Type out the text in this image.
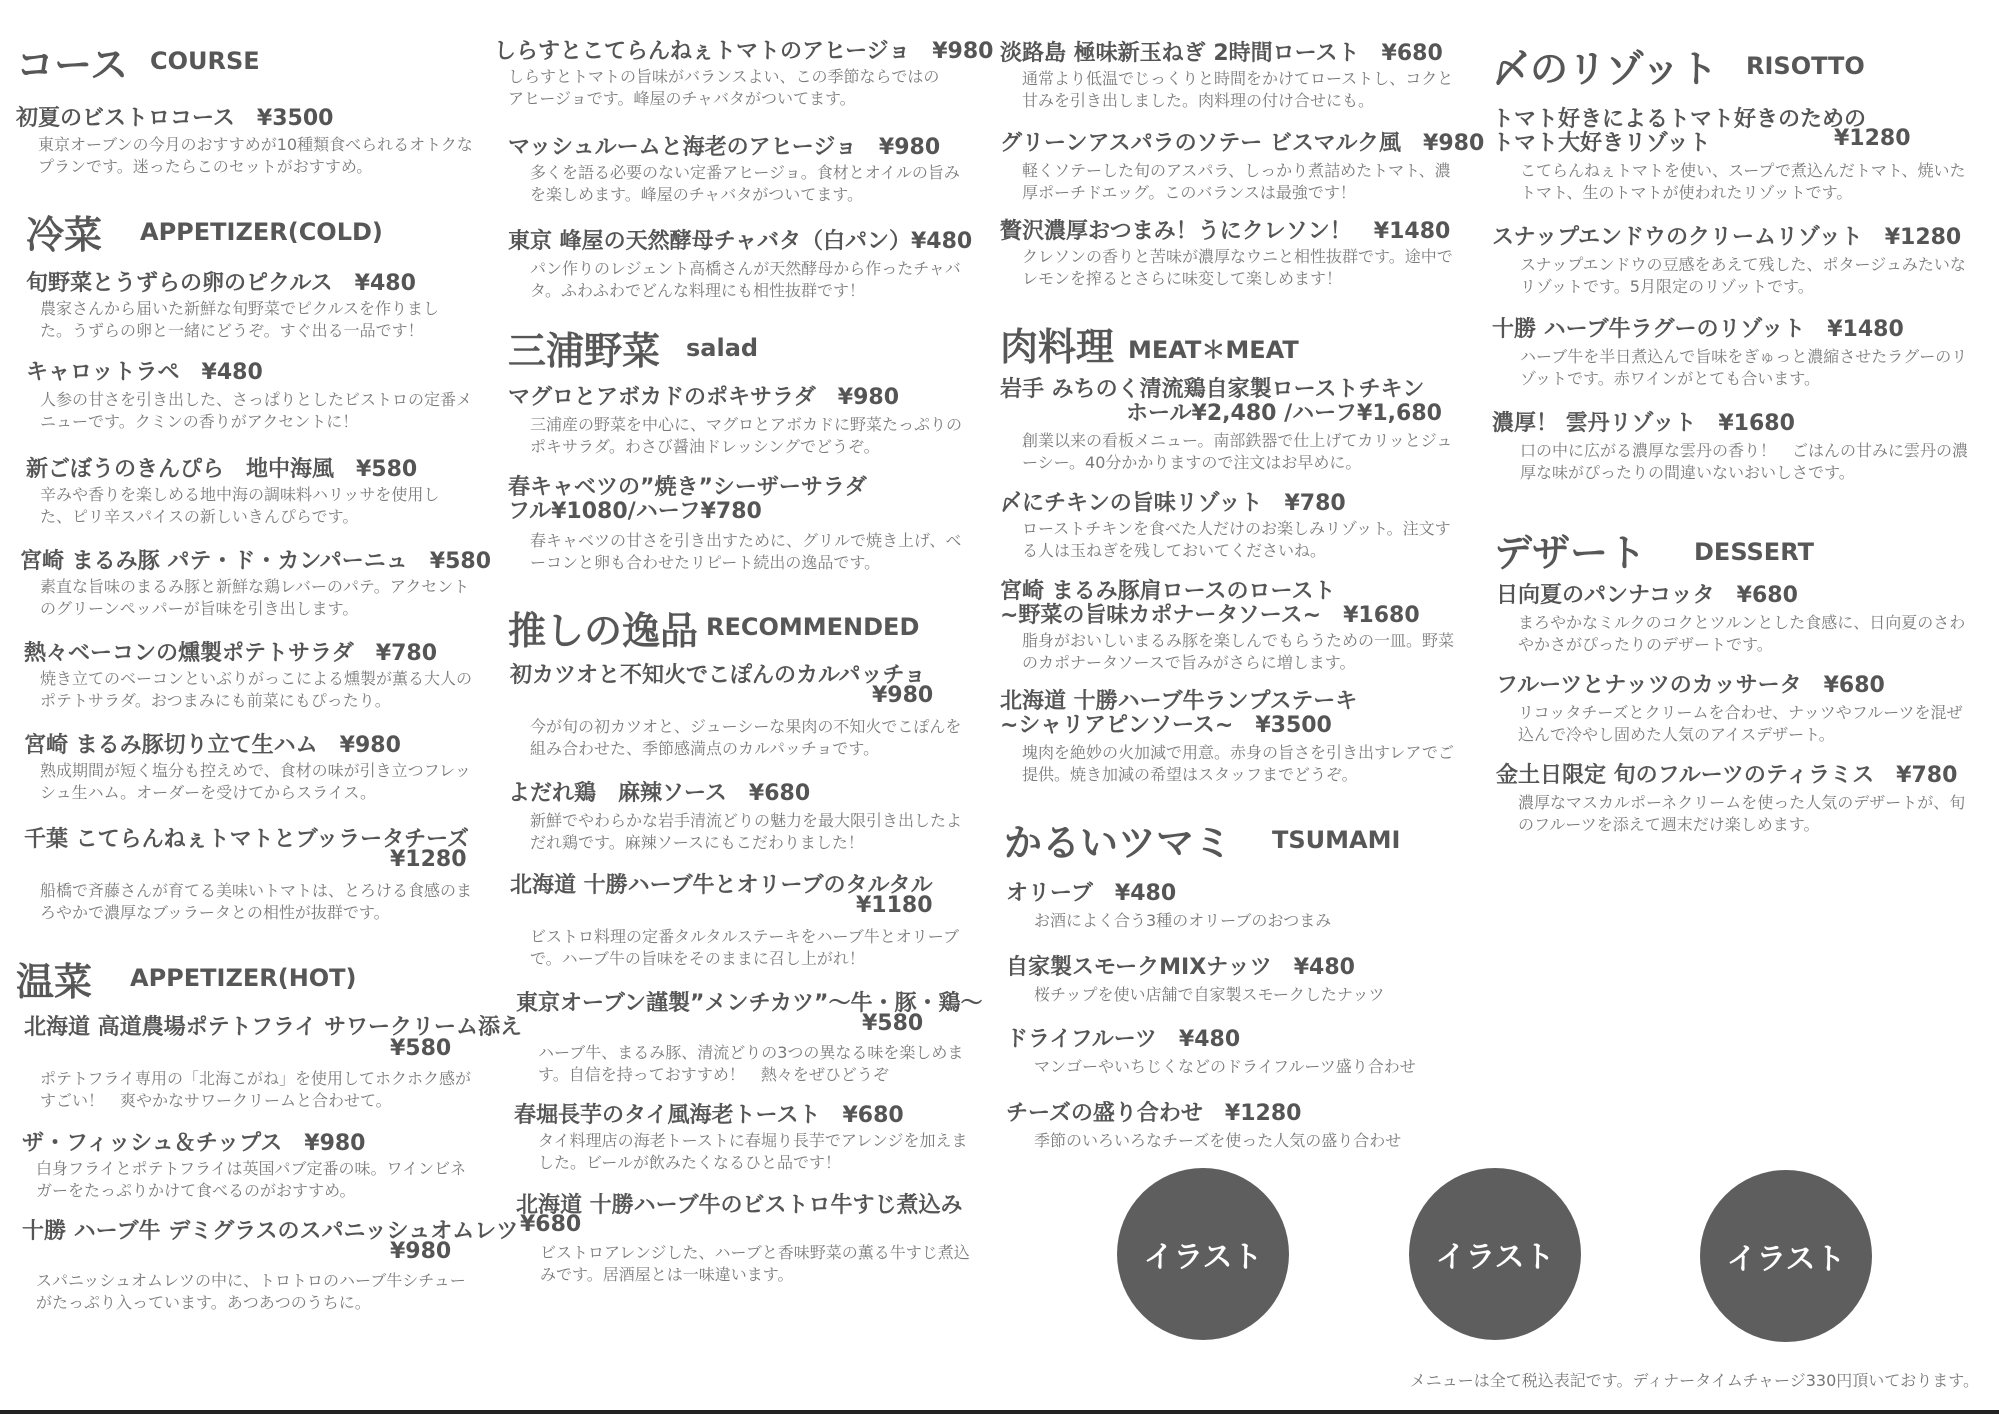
コース COURSE
初夏のビストロコース　¥3500

東京オーブンの今月のおすすめが10種類食べられるオトクなプランです。迷ったらこのセットがおすすめ。

冷菜 APPETIZER(COLD)
旬野菜とうずらの卵のピクルス　¥480

農家さんから届いた新鮮な旬野菜でピクルスを作りました。うずらの卵と一緒にどうぞ。すぐ出る一品です！

キャロットラペ　¥480

人参の甘さを引き出した、さっぱりとしたビストロの定番メニューです。クミンの香りがアクセントに！

新ごぼうのきんぴら　地中海風　¥580

辛みや香りを楽しめる地中海の調味料ハリッサを使用した、ピリ辛スパイスの新しいきんぴらです。

宮崎 まるみ豚 パテ・ド・カンパーニュ　¥580

素直な旨味のまるみ豚と新鮮な鶏レバーのパテ。アクセントのグリーンペッパーが旨味を引き出します。

熱々ベーコンの燻製ポテトサラダ　¥780

焼き立てのベーコンといぶりがっこによる燻製が薫る大人のポテトサラダ。おつまみにも前菜にもぴったり。

宮崎 まるみ豚切り立て生ハム　¥980

熟成期間が短く塩分も控えめで、食材の味が引き立つフレッシュ生ハム。オーダーを受けてからスライス。

千葉 こてらんねぇトマトとブッラータチーズ
¥1280

船橋で斉藤さんが育てる美味いトマトは、とろける食感のまろやかで濃厚なブッラータとの相性が抜群です。

温菜 APPETIZER(HOT)
北海道 高道農場ポテトフライ サワークリーム添え
¥580

ポテトフライ専用の「北海こがね」を使用してホクホク感がすごい！　爽やかなサワークリームと合わせて。

ザ・フィッシュ＆チップス　¥980

白身フライとポテトフライは英国パブ定番の味。ワインビネガーをたっぷりかけて食べるのがおすすめ。

十勝 ハーブ牛 デミグラスのスパニッシュオムレツ
¥980

スパニッシュオムレツの中に、トロトロのハーブ牛シチューがたっぷり入っています。あつあつのうちに。

しらすとこてらんねぇトマトのアヒージョ　¥980

しらすとトマトの旨味がバランスよい、この季節ならではのアヒージョです。峰屋のチャバタがついてます。

マッシュルームと海老のアヒージョ　¥980

多くを語る必要のない定番アヒージョ。食材とオイルの旨みを楽しめます。峰屋のチャバタがついてます。

東京 峰屋の天然酵母チャバタ（白パン）¥480

パン作りのレジェント高橋さんが天然酵母から作ったチャバタ。ふわふわでどんな料理にも相性抜群です！

三浦野菜 salad
マグロとアボカドのポキサラダ　¥980

三浦産の野菜を中心に、マグロとアボカドに野菜たっぷりのポキサラダ。わさび醤油ドレッシングでどうぞ。

春キャベツの”焼き”シーザーサラダ
フル¥1080/ハーフ¥780

春キャベツの甘さを引き出すために、グリルで焼き上げ、ベーコンと卵も合わせたリピート続出の逸品です。

推しの逸品 RECOMMENDED
初カツオと不知火でこぽんのカルパッチョ
¥980

今が旬の初カツオと、ジューシーな果肉の不知火でこぽんを組み合わせた、季節感満点のカルパッチョです。

よだれ鶏　麻辣ソース　¥680

新鮮でやわらかな岩手清流どりの魅力を最大限引き出したよだれ鶏です。麻辣ソースにもこだわりました！

北海道 十勝ハーブ牛とオリーブのタルタル
¥1180

ビストロ料理の定番タルタルステーキをハーブ牛とオリーブで。ハーブ牛の旨味をそのままに召し上がれ！

東京オーブン謹製”メンチカツ”〜牛・豚・鶏〜
¥580

ハーブ牛、まるみ豚、清流どりの3つの異なる味を楽しめます。自信を持っておすすめ！　熱々をぜひどうぞ

春堀長芋のタイ風海老トースト　¥680

タイ料理店の海老トーストに春堀り長芋でアレンジを加えました。ビールが飲みたくなるひと品です！

北海道 十勝ハーブ牛のビストロ牛すじ煮込み
¥680

ビストロアレンジした、ハーブと香味野菜の薫る牛すじ煮込みです。居酒屋とは一味違います。

淡路島 極味新玉ねぎ 2時間ロースト　¥680

通常より低温でじっくりと時間をかけてローストし、コクと甘みを引き出しました。肉料理の付け合せにも。

グリーンアスパラのソテー ビスマルク風　¥980

軽くソテーした旬のアスパラ、しっかり煮詰めたトマト、濃厚ポーチドエッグ。このバランスは最強です！

贅沢濃厚おつまみ！うにクレソン！　¥1480

クレソンの香りと苦味が濃厚なウニと相性抜群です。途中でレモンを搾るとさらに味変して楽しめます！

肉料理 MEAT＊MEAT
岩手 みちのく清流鶏自家製ローストチキン
ホール¥2,480 /ハーフ¥1,680

創業以来の看板メニュー。南部鉄器で仕上げてカリッとジューシー。40分かかりますので注文はお早めに。

〆にチキンの旨味リゾット　¥780

ローストチキンを食べた人だけのお楽しみリゾット。注文する人は玉ねぎを残しておいてくださいね。

宮崎 まるみ豚肩ロースのロースト
~野菜の旨味カポナータソース~　¥1680

脂身がおいしいまるみ豚を楽しんでもらうための一皿。野菜のカポナータソースで旨みがさらに増します。

北海道 十勝ハーブ牛ランプステーキ
~シャリアピンソース~　¥3500

塊肉を絶妙の火加減で用意。赤身の旨さを引き出すレアでご提供。焼き加減の希望はスタッフまでどうぞ。

かるいツマミ TSUMAMI
オリーブ　¥480

お酒によく合う3種のオリーブのおつまみ

自家製スモークMIXナッツ　¥480

桜チップを使い店舗で自家製スモークしたナッツ

ドライフルーツ　¥480

マンゴーやいちじくなどのドライフルーツ盛り合わせ

チーズの盛り合わせ　¥1280

季節のいろいろなチーズを使った人気の盛り合わせ

〆のリゾット RISOTTO
トマト好きによるトマト好きのための
トマト大好きリゾット	¥1280

こてらんねぇトマトを使い、スープで煮込んだトマト、焼いたトマト、生のトマトが使われたリゾットです。

スナップエンドウのクリームリゾット　¥1280

スナップエンドウの豆感をあえて残した、ポタージュみたいなリゾットです。5月限定のリゾットです。

十勝 ハーブ牛ラグーのリゾット　¥1480

ハーブ牛を半日煮込んで旨味をぎゅっと濃縮させたラグーのリゾットです。赤ワインがとても合います。

濃厚！ 雲丹リゾット　¥1680

口の中に広がる濃厚な雲丹の香り！　ごはんの甘みに雲丹の濃厚な味がぴったりの間違いないおいしさです。

デザート DESSERT
日向夏のパンナコッタ　¥680

まろやかなミルクのコクとツルンとした食感に、日向夏のさわやかさがぴったりのデザートです。

フルーツとナッツのカッサータ　¥680

リコッタチーズとクリームを合わせ、ナッツやフルーツを混ぜ込んで冷やし固めた人気のアイスデザート。

金土日限定 旬のフルーツのティラミス　¥780

濃厚なマスカルポーネクリームを使った人気のデザートが、旬のフルーツを添えて週末だけ楽しめます。

イラスト	イラスト	イラスト
メニューは全て税込表記です。ディナータイムチャージ330円頂いております。
